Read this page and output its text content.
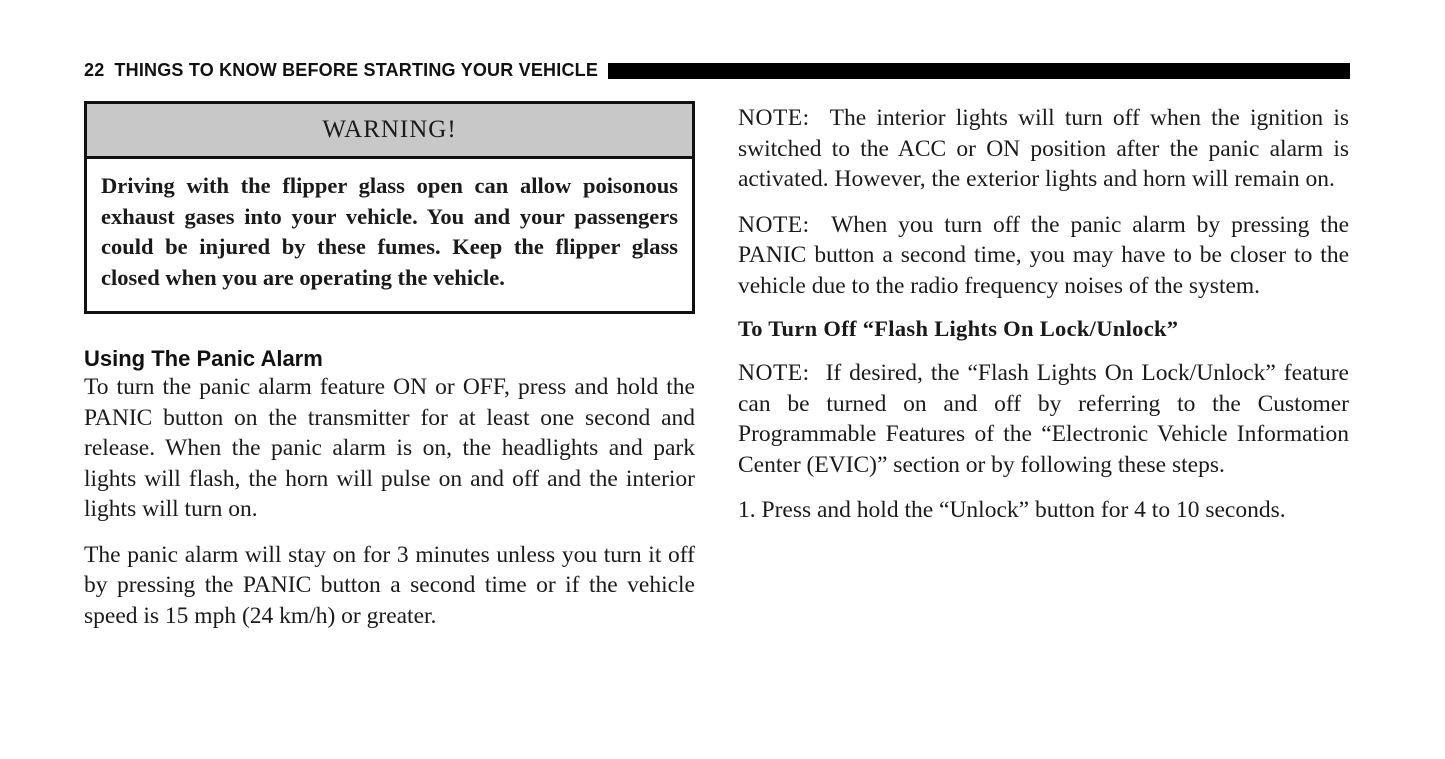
22 THINGS TO KNOW BEFORE STARTING YOUR VEHICLE
WARNING!
Driving with the flipper glass open can allow poisonous exhaust gases into your vehicle. You and your passengers could be injured by these fumes. Keep the flipper glass closed when you are operating the vehicle.
Using The Panic Alarm

To turn the panic alarm feature ON or OFF, press and hold the PANIC button on the transmitter for at least one second and release. When the panic alarm is on, the headlights and park lights will flash, the horn will pulse on and off and the interior lights will turn on.

The panic alarm will stay on for 3 minutes unless you turn it off by pressing the PANIC button a second time or if the vehicle speed is 15 mph (24 km/h) or greater.

NOTE: The interior lights will turn off when the ignition is switched to the ACC or ON position after the panic alarm is activated. However, the exterior lights and horn will remain on.

NOTE: When you turn off the panic alarm by pressing the PANIC button a second time, you may have to be closer to the vehicle due to the radio frequency noises of the system.

To Turn Off “Flash Lights On Lock/Unlock”

NOTE: If desired, the “Flash Lights On Lock/Unlock” feature can be turned on and off by referring to the Customer Programmable Features of the “Electronic Vehicle Information Center (EVIC)” section or by following these steps.

1. Press and hold the “Unlock” button for 4 to 10 seconds.
